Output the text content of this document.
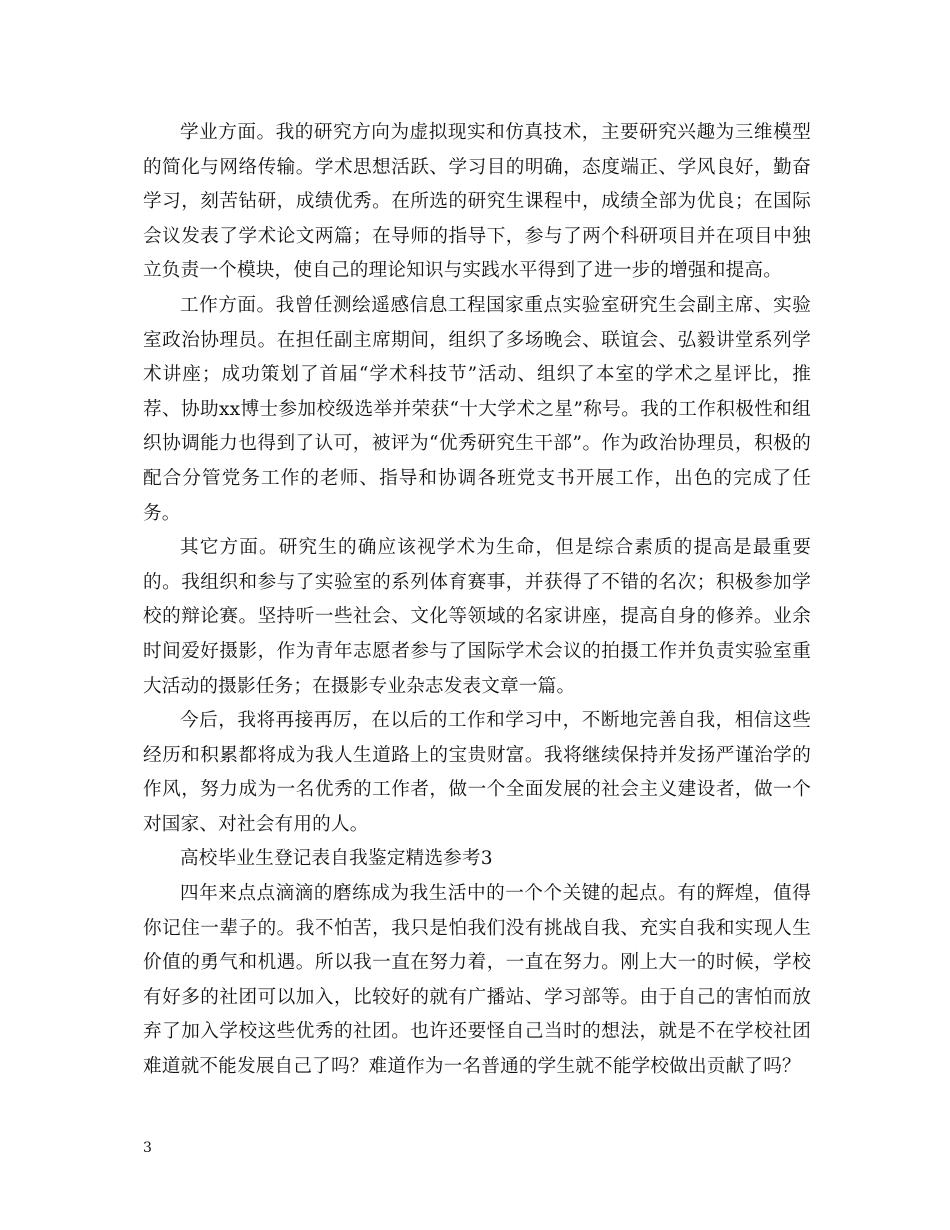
学业方面。我的研究方向为虚拟现实和仿真技术，主要研究兴趣为三维模型的简化与网络传输。学术思想活跃、学习目的明确，态度端正、学风良好，勤奋学习，刻苦钻研，成绩优秀。在所选的研究生课程中，成绩全部为优良；在国际会议发表了学术论文两篇；在导师的指导下，参与了两个科研项目并在项目中独立负责一个模块，使自己的理论知识与实践水平得到了进一步的增强和提高。

工作方面。我曾任测绘遥感信息工程国家重点实验室研究生会副主席、实验室政治协理员。在担任副主席期间，组织了多场晚会、联谊会、弘毅讲堂系列学术讲座；成功策划了首届“学术科技节”活动、组织了本室的学术之星评比，推荐、协助xx博士参加校级选举并荣获“十大学术之星”称号。我的工作积极性和组织协调能力也得到了认可，被评为“优秀研究生干部”。作为政治协理员，积极的配合分管党务工作的老师、指导和协调各班党支书开展工作，出色的完成了任务。

其它方面。研究生的确应该视学术为生命，但是综合素质的提高是最重要的。我组织和参与了实验室的系列体育赛事，并获得了不错的名次；积极参加学校的辩论赛。坚持听一些社会、文化等领域的名家讲座，提高自身的修养。业余时间爱好摄影，作为青年志愿者参与了国际学术会议的拍摄工作并负责实验室重大活动的摄影任务；在摄影专业杂志发表文章一篇。

今后，我将再接再厉，在以后的工作和学习中，不断地完善自我，相信这些经历和积累都将成为我人生道路上的宝贵财富。我将继续保持并发扬严谨治学的作风，努力成为一名优秀的工作者，做一个全面发展的社会主义建设者，做一个对国家、对社会有用的人。

高校毕业生登记表自我鉴定精选参考3

四年来点点滴滴的磨练成为我生活中的一个个关键的起点。有的辉煌，值得你记住一辈子的。我不怕苦，我只是怕我们没有挑战自我、充实自我和实现人生价值的勇气和机遇。所以我一直在努力着，一直在努力。刚上大一的时候，学校有好多的社团可以加入，比较好的就有广播站、学习部等。由于自己的害怕而放弃了加入学校这些优秀的社团。也许还要怪自己当时的想法，就是不在学校社团难道就不能发展自己了吗？难道作为一名普通的学生就不能学校做出贡献了吗？

3
